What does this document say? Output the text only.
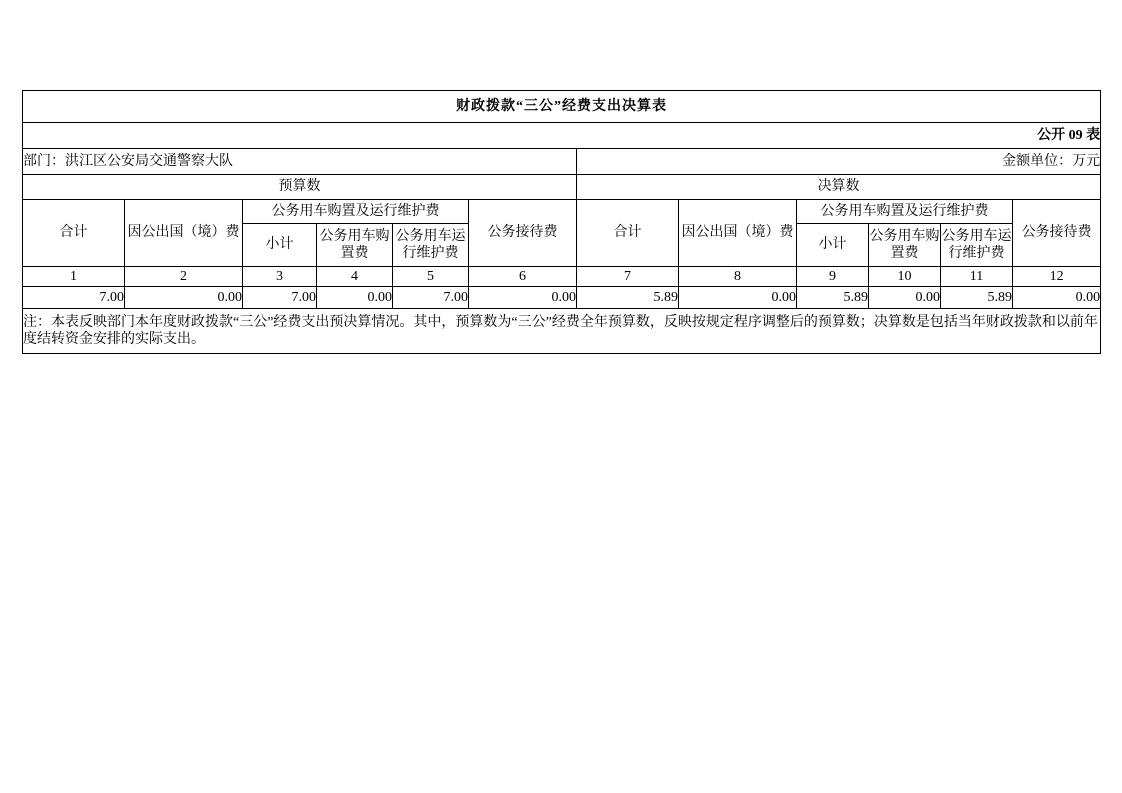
财政拨款“三公”经费支出决算表											
公开 09 表											
部门：洪江区公安局交通警察大队						金额单位：万元					
预算数						决算数					
合计	因公出国（境）费	公务用车购置及运行维护费			公务接待费	合计	因公出国（境）费	公务用车购置及运行维护费			公务接待费
		小计	公务用车购置费	公务用车运行维护费				小计	公务用车购置费	公务用车运行维护费	
1	2	3	4	5	6	7	8	9	10	11	12
7.00	0.00	7.00	0.00	7.00	0.00	5.89	0.00	5.89	0.00	5.89	0.00
注：本表反映部门本年度财政拨款“三公”经费支出预决算情况。其中，预算数为“三公”经费全年预算数，反映按规定程序调整后的预算数；决算数是包括当年财政拨款和以前年度结转资金安排的实际支出。											
